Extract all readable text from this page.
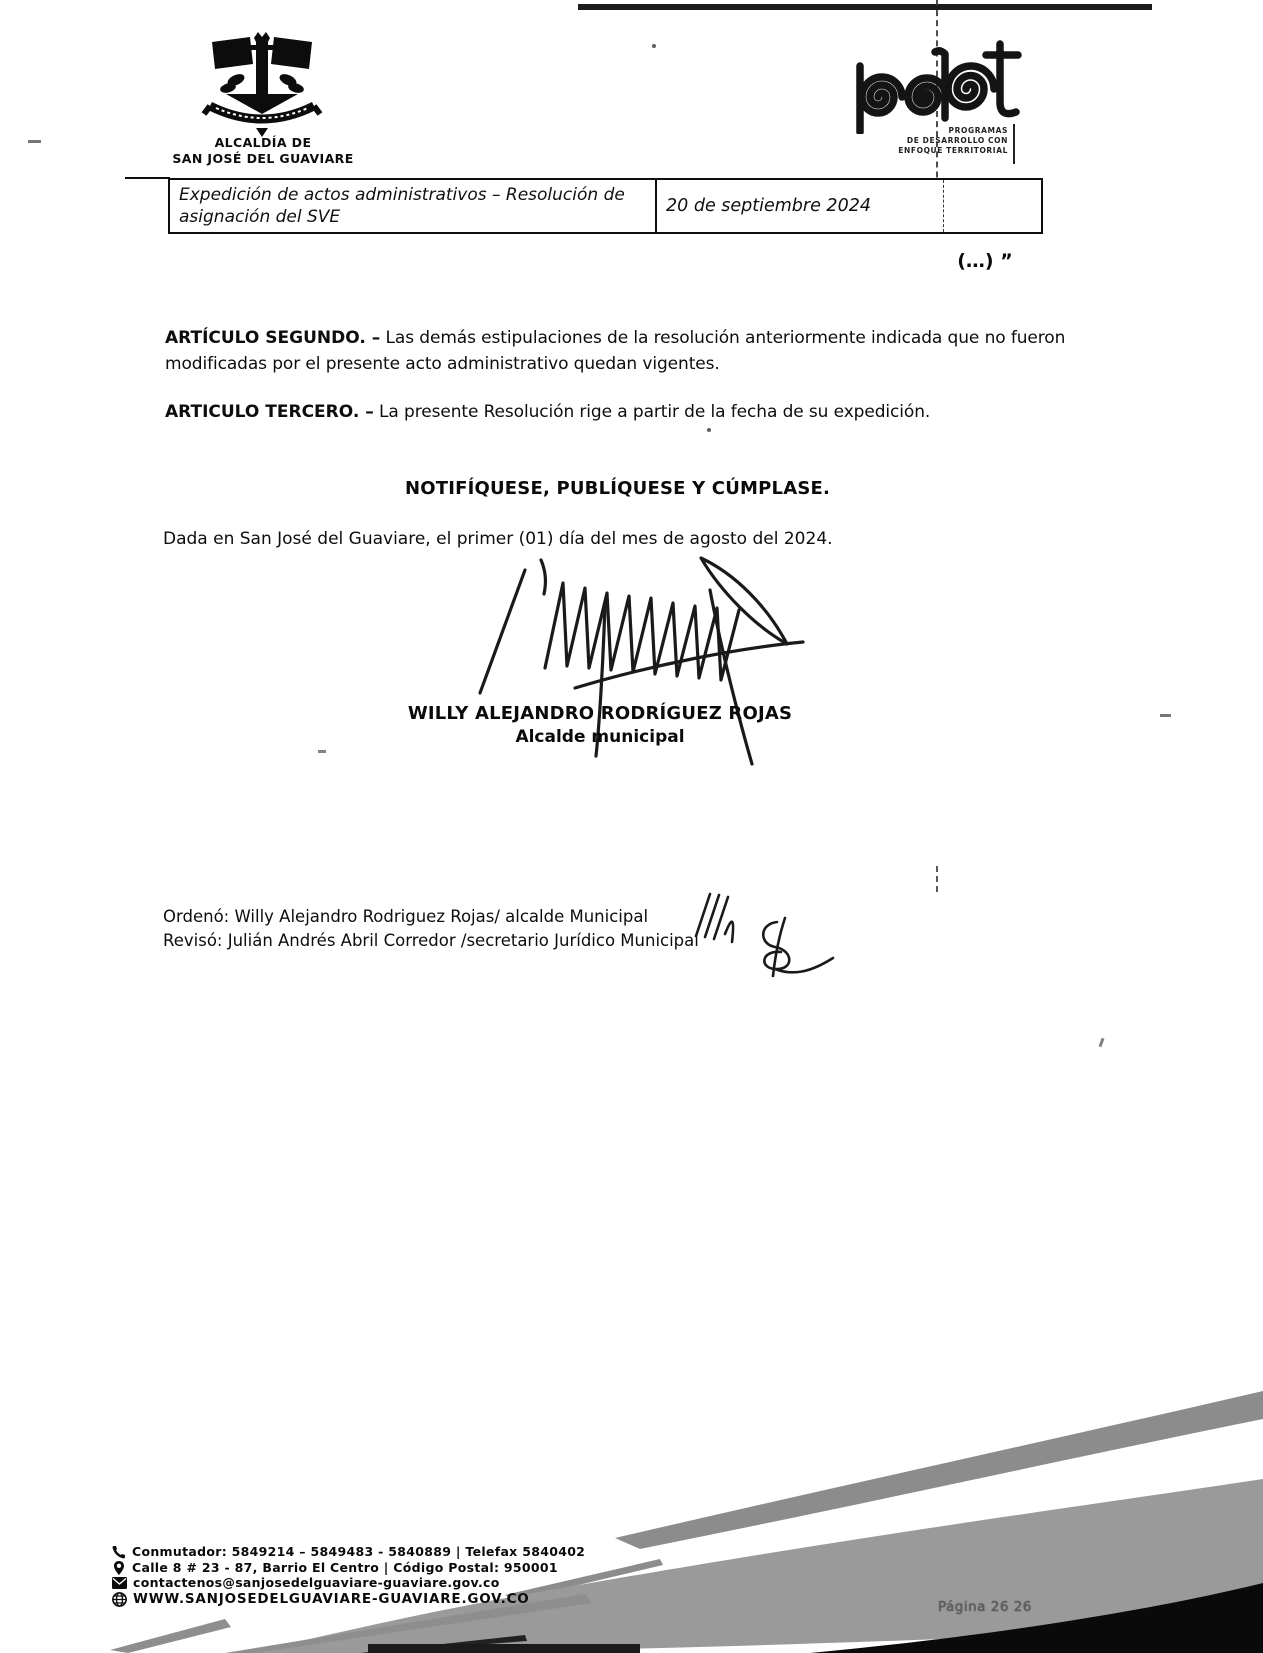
ALCALDÍA DE
SAN JOSÉ DEL GUAVIARE
PROGRAMAS
DE DESARROLLO CON
ENFOQUE TERRITORIAL
Expedición de actos administrativos – Resolución de asignación del SVE
20 de septiembre 2024
(…) ”
ARTÍCULO SEGUNDO. – Las demás estipulaciones de la resolución anteriormente indicada que no fueron modificadas por el presente acto administrativo quedan vigentes.
ARTICULO TERCERO. – La presente Resolución rige a partir de la fecha de su expedición.
NOTIFÍQUESE, PUBLÍQUESE Y CÚMPLASE.
Dada en San José del Guaviare, el primer (01) día del mes de agosto del 2024.
WILLY ALEJANDRO RODRÍGUEZ ROJAS
Alcalde municipal
Ordenó: Willy Alejandro Rodriguez Rojas/ alcalde Municipal
Revisó: Julián Andrés Abril Corredor /secretario Jurídico Municipal
Conmutador: 5849214 – 5849483 - 5840889 | Telefax 5840402
Calle 8 # 23 - 87, Barrio El Centro | Código Postal: 950001
contactenos@sanjosedelguaviare-guaviare.gov.co
WWW.SANJOSEDELGUAVIARE-GUAVIARE.GOV.CO
Página 26 26
